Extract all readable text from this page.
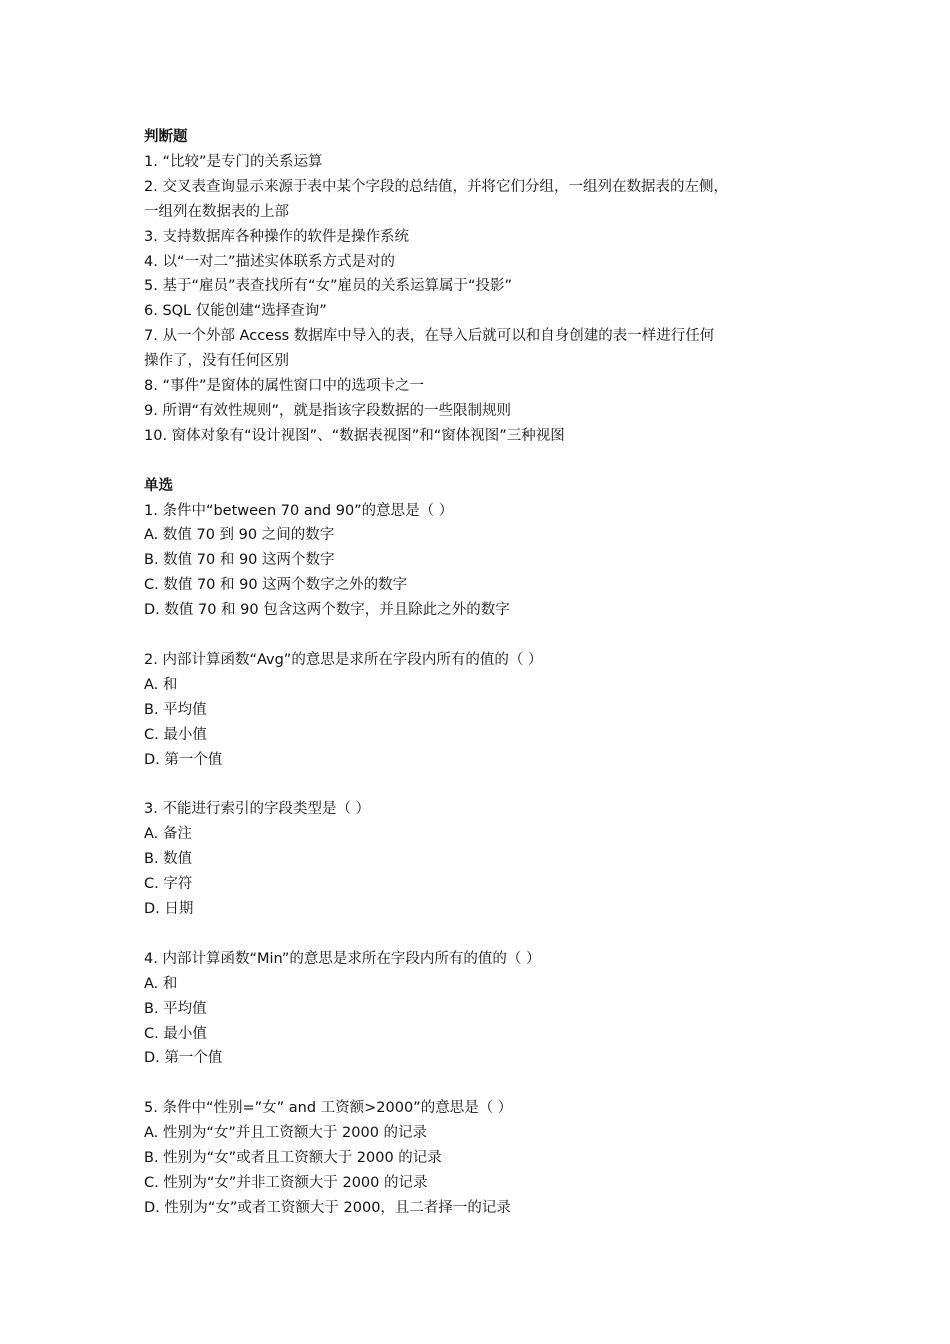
判断题
1. “比较”是专门的关系运算
2. 交叉表查询显示来源于表中某个字段的总结值，并将它们分组，一组列在数据表的左侧，
一组列在数据表的上部
3. 支持数据库各种操作的软件是操作系统
4. 以“一对二”描述实体联系方式是对的
5. 基于“雇员”表查找所有“女”雇员的关系运算属于“投影”
6. SQL 仅能创建“选择查询”
7. 从一个外部 Access 数据库中导入的表，在导入后就可以和自身创建的表一样进行任何
操作了，没有任何区别
8. “事件”是窗体的属性窗口中的选项卡之一
9. 所谓“有效性规则”，就是指该字段数据的一些限制规则
10. 窗体对象有“设计视图”、“数据表视图”和“窗体视图”三种视图
单选
1. 条件中“between 70 and 90”的意思是（ ）
A. 数值 70 到 90 之间的数字
B. 数值 70 和 90 这两个数字
C. 数值 70 和 90 这两个数字之外的数字
D. 数值 70 和 90 包含这两个数字，并且除此之外的数字
2. 内部计算函数“Avg”的意思是求所在字段内所有的值的（ ）
A. 和
B. 平均值
C. 最小值
D. 第一个值
3. 不能进行索引的字段类型是（ ）
A. 备注
B. 数值
C. 字符
D. 日期
4. 内部计算函数“Min”的意思是求所在字段内所有的值的（ ）
A. 和
B. 平均值
C. 最小值
D. 第一个值
5. 条件中“性别=”女” and 工资额>2000”的意思是（ ）
A. 性别为“女”并且工资额大于 2000 的记录
B. 性别为“女”或者且工资额大于 2000 的记录
C. 性别为“女”并非工资额大于 2000 的记录
D. 性别为“女”或者工资额大于 2000，且二者择一的记录
